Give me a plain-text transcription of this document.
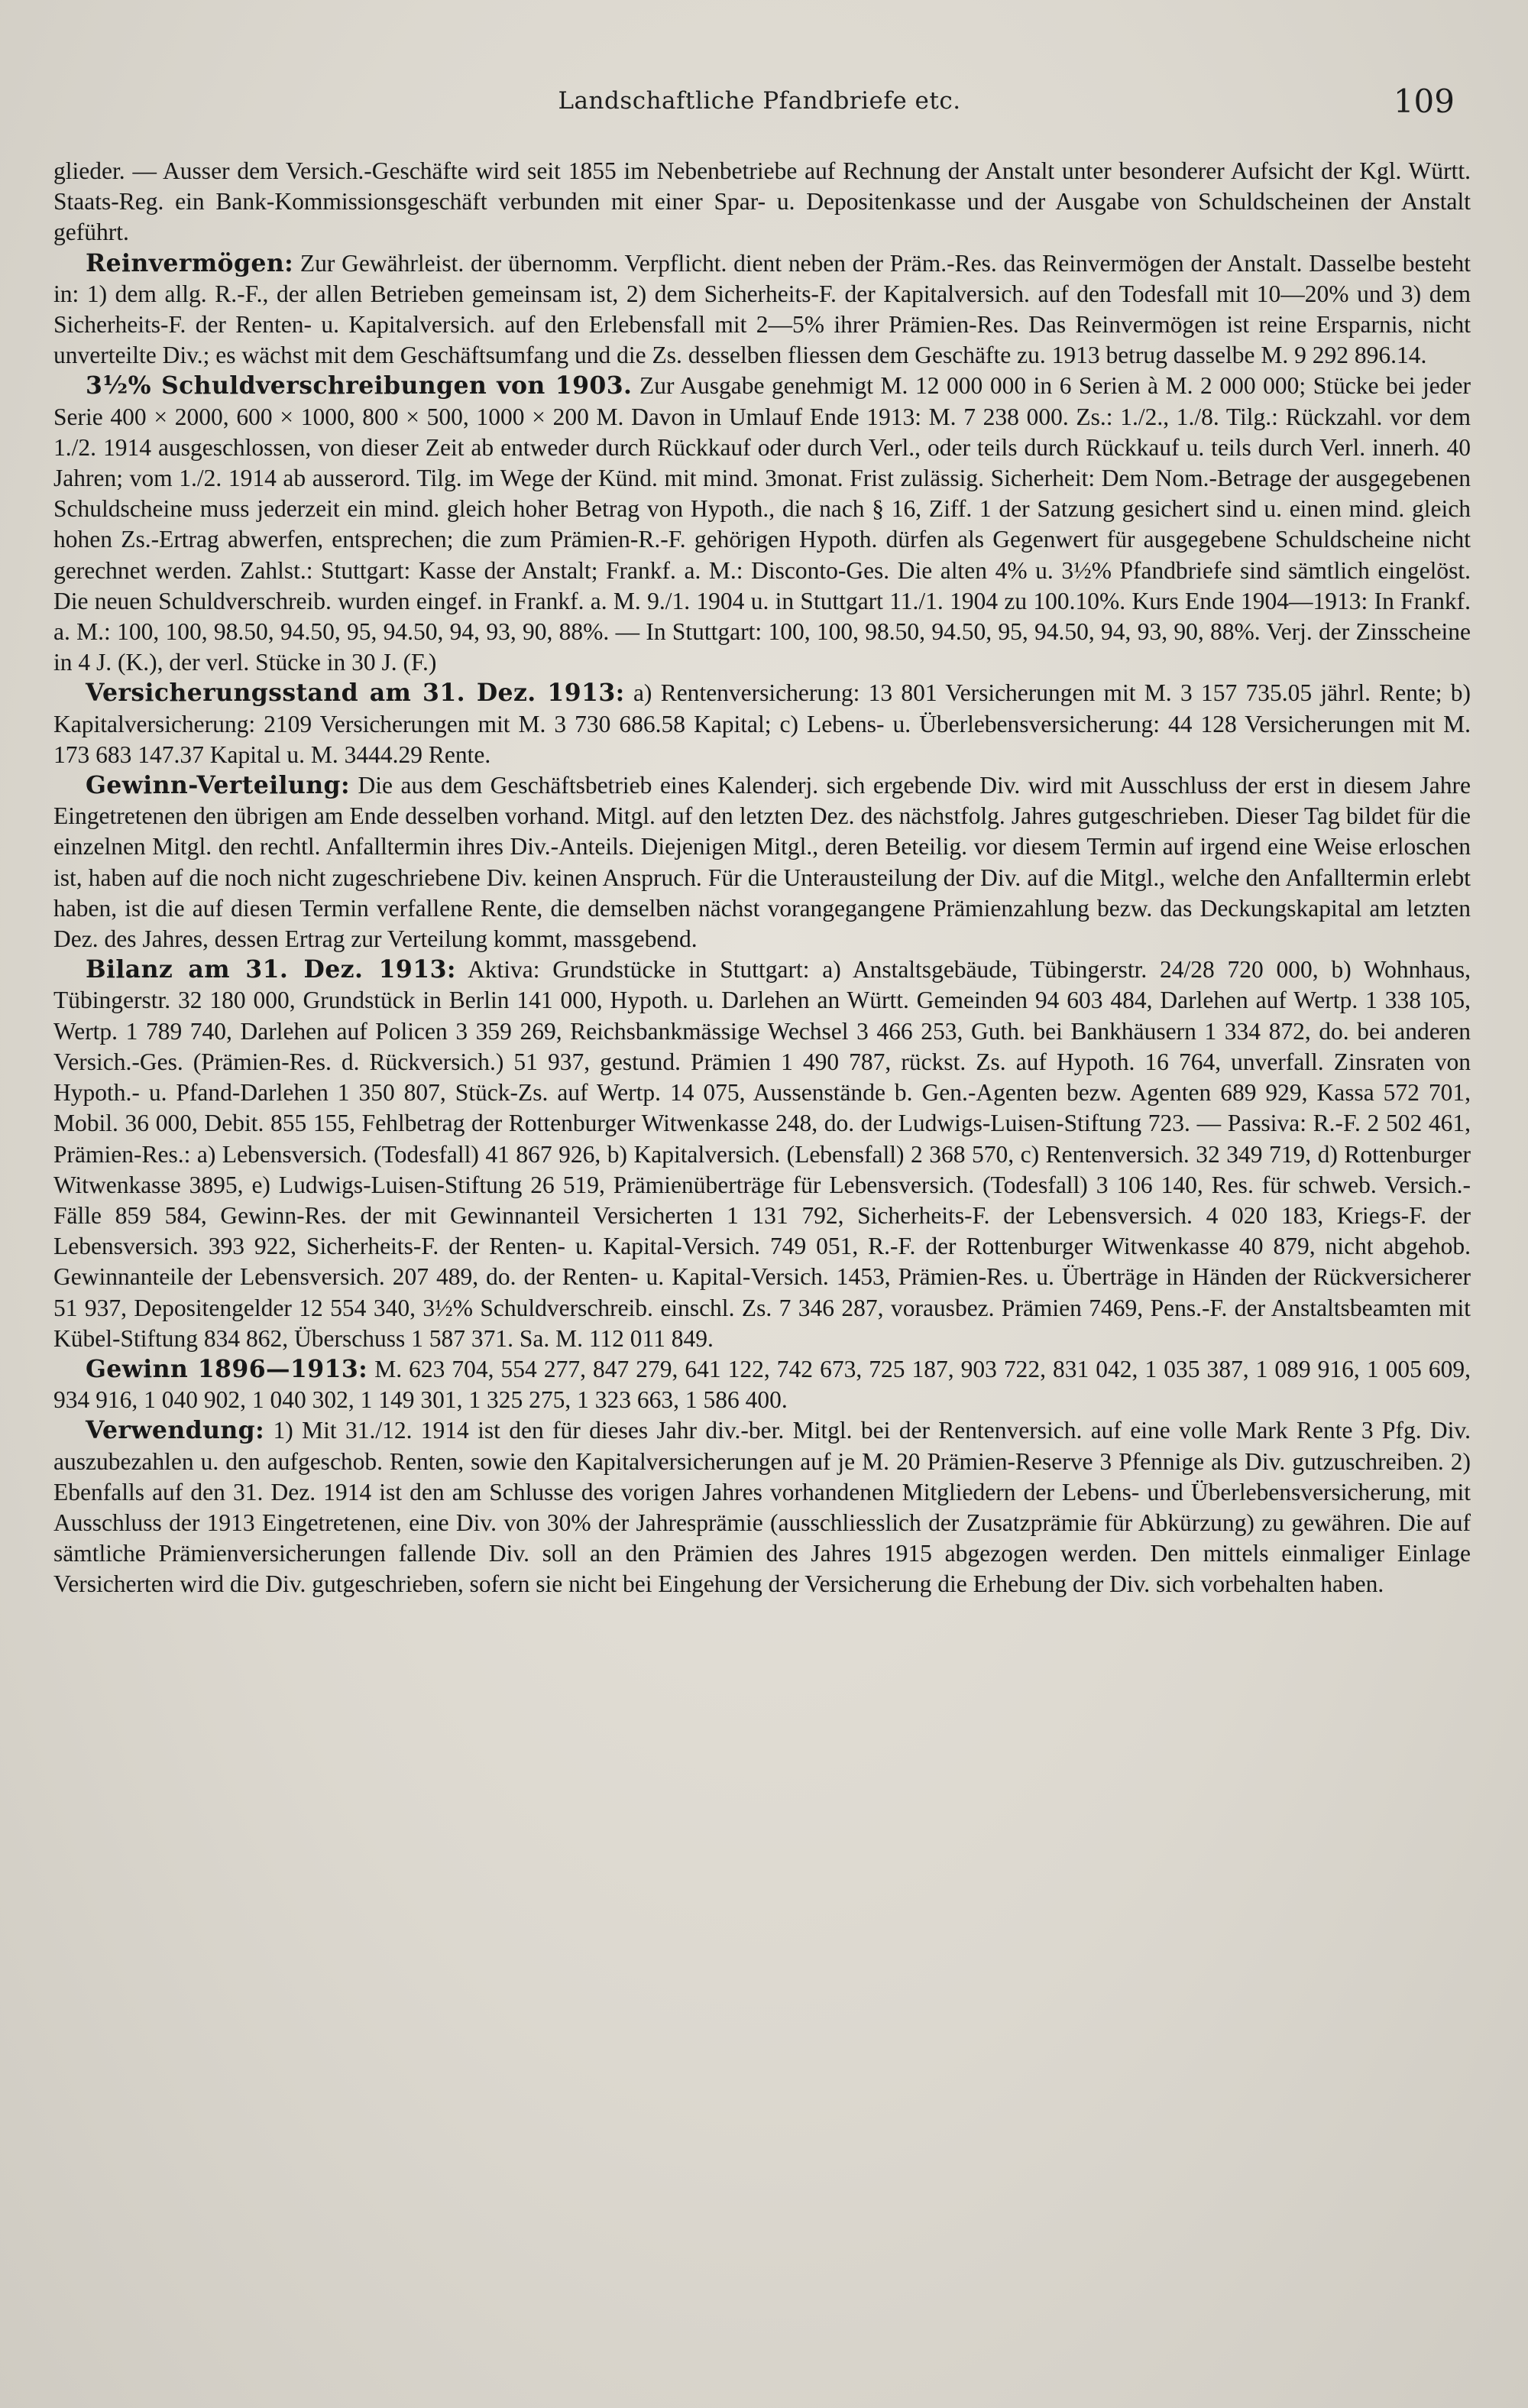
Landschaftliche Pfandbriefe etc.	109

glieder. — Ausser dem Versich.-Geschäfte wird seit 1855 im Nebenbetriebe auf Rechnung der Anstalt unter besonderer Aufsicht der Kgl. Württ. Staats-Reg. ein Bank-Kommissionsgeschäft verbunden mit einer Spar- u. Depositenkasse und der Ausgabe von Schuldscheinen der Anstalt geführt.

Reinvermögen: Zur Gewährleist. der übernomm. Verpflicht. dient neben der Präm.-Res. das Reinvermögen der Anstalt. Dasselbe besteht in: 1) dem allg. R.-F., der allen Betrieben gemeinsam ist, 2) dem Sicherheits-F. der Kapitalversich. auf den Todesfall mit 10—20% und 3) dem Sicherheits-F. der Renten- u. Kapitalversich. auf den Erlebensfall mit 2—5% ihrer Prämien-Res. Das Reinvermögen ist reine Ersparnis, nicht unverteilte Div.; es wächst mit dem Geschäftsumfang und die Zs. desselben fliessen dem Geschäfte zu. 1913 betrug dasselbe M. 9 292 896.14.

3½% Schuldverschreibungen von 1903. Zur Ausgabe genehmigt M. 12 000 000 in 6 Serien à M. 2 000 000; Stücke bei jeder Serie 400 × 2000, 600 × 1000, 800 × 500, 1000 × 200 M. Davon in Umlauf Ende 1913: M. 7 238 000. Zs.: 1./2., 1./8. Tilg.: Rückzahl. vor dem 1./2. 1914 ausgeschlossen, von dieser Zeit ab entweder durch Rückkauf oder durch Verl., oder teils durch Rückkauf u. teils durch Verl. innerh. 40 Jahren; vom 1./2. 1914 ab ausserord. Tilg. im Wege der Künd. mit mind. 3monat. Frist zulässig. Sicherheit: Dem Nom.-Betrage der ausgegebenen Schuldscheine muss jederzeit ein mind. gleich hoher Betrag von Hypoth., die nach § 16, Ziff. 1 der Satzung gesichert sind u. einen mind. gleich hohen Zs.-Ertrag abwerfen, entsprechen; die zum Prämien-R.-F. gehörigen Hypoth. dürfen als Gegenwert für ausgegebene Schuldscheine nicht gerechnet werden. Zahlst.: Stuttgart: Kasse der Anstalt; Frankf. a. M.: Disconto-Ges. Die alten 4% u. 3½% Pfandbriefe sind sämtlich eingelöst. Die neuen Schuldverschreib. wurden eingef. in Frankf. a. M. 9./1. 1904 u. in Stuttgart 11./1. 1904 zu 100.10%. Kurs Ende 1904—1913: In Frankf. a. M.: 100, 100, 98.50, 94.50, 95, 94.50, 94, 93, 90, 88%. — In Stuttgart: 100, 100, 98.50, 94.50, 95, 94.50, 94, 93, 90, 88%. Verj. der Zinsscheine in 4 J. (K.), der verl. Stücke in 30 J. (F.)

Versicherungsstand am 31. Dez. 1913: a) Rentenversicherung: 13 801 Versicherungen mit M. 3 157 735.05 jährl. Rente; b) Kapitalversicherung: 2109 Versicherungen mit M. 3 730 686.58 Kapital; c) Lebens- u. Überlebensversicherung: 44 128 Versicherungen mit M. 173 683 147.37 Kapital u. M. 3444.29 Rente.

Gewinn-Verteilung: Die aus dem Geschäftsbetrieb eines Kalenderj. sich ergebende Div. wird mit Ausschluss der erst in diesem Jahre Eingetretenen den übrigen am Ende desselben vorhand. Mitgl. auf den letzten Dez. des nächstfolg. Jahres gutgeschrieben. Dieser Tag bildet für die einzelnen Mitgl. den rechtl. Anfalltermin ihres Div.-Anteils. Diejenigen Mitgl., deren Beteilig. vor diesem Termin auf irgend eine Weise erloschen ist, haben auf die noch nicht zugeschriebene Div. keinen Anspruch. Für die Unterausteilung der Div. auf die Mitgl., welche den Anfalltermin erlebt haben, ist die auf diesen Termin verfallene Rente, die demselben nächst vorangegangene Prämienzahlung bezw. das Deckungskapital am letzten Dez. des Jahres, dessen Ertrag zur Verteilung kommt, massgebend.

Bilanz am 31. Dez. 1913: Aktiva: Grundstücke in Stuttgart: a) Anstaltsgebäude, Tübingerstr. 24/28 720 000, b) Wohnhaus, Tübingerstr. 32 180 000, Grundstück in Berlin 141 000, Hypoth. u. Darlehen an Württ. Gemeinden 94 603 484, Darlehen auf Wertp. 1 338 105, Wertp. 1 789 740, Darlehen auf Policen 3 359 269, Reichsbankmässige Wechsel 3 466 253, Guth. bei Bankhäusern 1 334 872, do. bei anderen Versich.-Ges. (Prämien-Res. d. Rückversich.) 51 937, gestund. Prämien 1 490 787, rückst. Zs. auf Hypoth. 16 764, unverfall. Zinsraten von Hypoth.- u. Pfand-Darlehen 1 350 807, Stück-Zs. auf Wertp. 14 075, Aussenstände b. Gen.-Agenten bezw. Agenten 689 929, Kassa 572 701, Mobil. 36 000, Debit. 855 155, Fehlbetrag der Rottenburger Witwenkasse 248, do. der Ludwigs-Luisen-Stiftung 723. — Passiva: R.-F. 2 502 461, Prämien-Res.: a) Lebensversich. (Todesfall) 41 867 926, b) Kapitalversich. (Lebensfall) 2 368 570, c) Rentenversich. 32 349 719, d) Rottenburger Witwenkasse 3895, e) Ludwigs-Luisen-Stiftung 26 519, Prämienüberträge für Lebensversich. (Todesfall) 3 106 140, Res. für schweb. Versich.-Fälle 859 584, Gewinn-Res. der mit Gewinnanteil Versicherten 1 131 792, Sicherheits-F. der Lebensversich. 4 020 183, Kriegs-F. der Lebensversich. 393 922, Sicherheits-F. der Renten- u. Kapital-Versich. 749 051, R.-F. der Rottenburger Witwenkasse 40 879, nicht abgehob. Gewinnanteile der Lebensversich. 207 489, do. der Renten- u. Kapital-Versich. 1453, Prämien-Res. u. Überträge in Händen der Rückversicherer 51 937, Depositengelder 12 554 340, 3½% Schuldverschreib. einschl. Zs. 7 346 287, vorausbez. Prämien 7469, Pens.-F. der Anstaltsbeamten mit Kübel-Stiftung 834 862, Überschuss 1 587 371. Sa. M. 112 011 849.

Gewinn 1896—1913: M. 623 704, 554 277, 847 279, 641 122, 742 673, 725 187, 903 722, 831 042, 1 035 387, 1 089 916, 1 005 609, 934 916, 1 040 902, 1 040 302, 1 149 301, 1 325 275, 1 323 663, 1 586 400.

Verwendung: 1) Mit 31./12. 1914 ist den für dieses Jahr div.-ber. Mitgl. bei der Rentenversich. auf eine volle Mark Rente 3 Pfg. Div. auszubezahlen u. den aufgeschob. Renten, sowie den Kapitalversicherungen auf je M. 20 Prämien-Reserve 3 Pfennige als Div. gutzuschreiben. 2) Ebenfalls auf den 31. Dez. 1914 ist den am Schlusse des vorigen Jahres vorhandenen Mitgliedern der Lebens- und Überlebensversicherung, mit Ausschluss der 1913 Eingetretenen, eine Div. von 30% der Jahresprämie (ausschliesslich der Zusatzprämie für Abkürzung) zu gewähren. Die auf sämtliche Prämienversicherungen fallende Div. soll an den Prämien des Jahres 1915 abgezogen werden. Den mittels einmaliger Einlage Versicherten wird die Div. gutgeschrieben, sofern sie nicht bei Eingehung der Versicherung die Erhebung der Div. sich vorbehalten haben.
